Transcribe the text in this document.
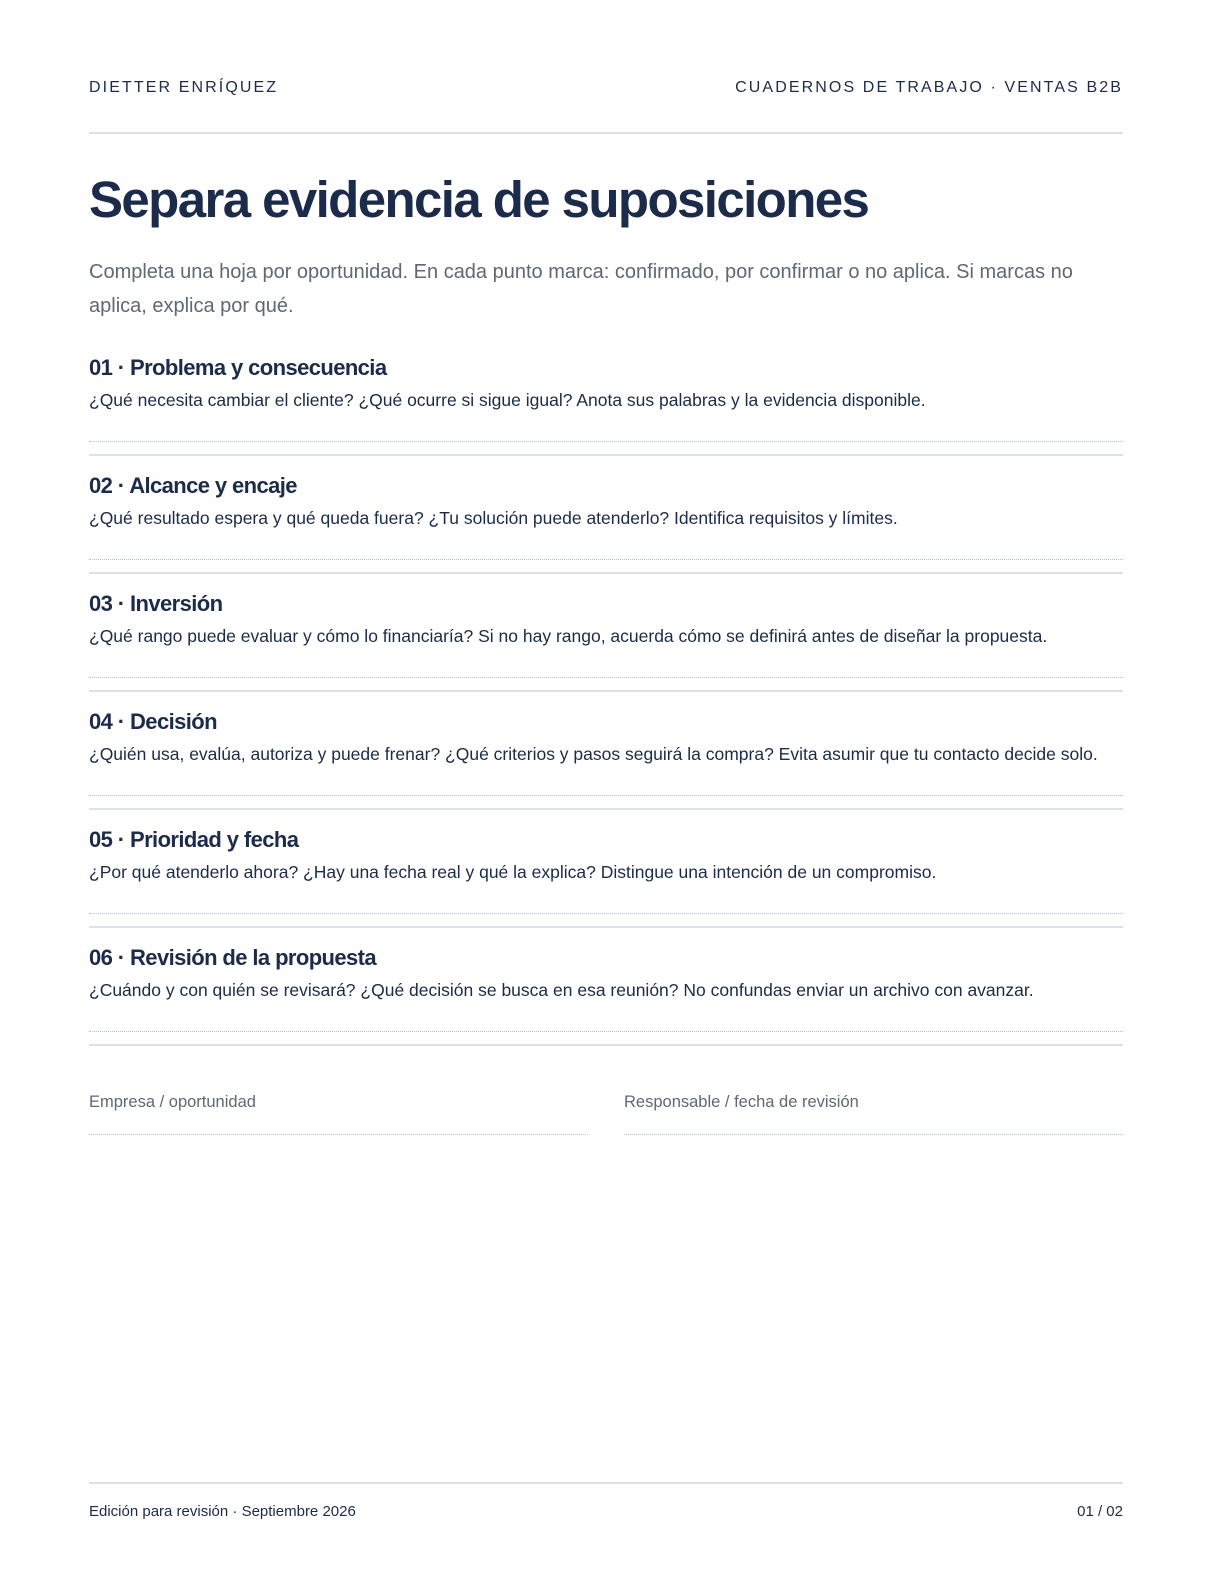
DIETTER ENRÍQUEZ	CUADERNOS DE TRABAJO · VENTAS B2B
Separa evidencia de suposiciones

Completa una hoja por oportunidad. En cada punto marca: confirmado, por confirmar o no aplica. Si marcas no aplica, explica por qué.

01 · Problema y consecuencia
¿Qué necesita cambiar el cliente? ¿Qué ocurre si sigue igual? Anota sus palabras y la evidencia disponible.
02 · Alcance y encaje
¿Qué resultado espera y qué queda fuera? ¿Tu solución puede atenderlo? Identifica requisitos y límites.
03 · Inversión
¿Qué rango puede evaluar y cómo lo financiaría? Si no hay rango, acuerda cómo se definirá antes de diseñar la propuesta.
04 · Decisión
¿Quién usa, evalúa, autoriza y puede frenar? ¿Qué criterios y pasos seguirá la compra? Evita asumir que tu contacto decide solo.
05 · Prioridad y fecha
¿Por qué atenderlo ahora? ¿Hay una fecha real y qué la explica? Distingue una intención de un compromiso.
06 · Revisión de la propuesta
¿Cuándo y con quién se revisará? ¿Qué decisión se busca en esa reunión? No confundas enviar un archivo con avanzar.
Empresa / oportunidad	Responsable / fecha de revisión
Edición para revisión · Septiembre 2026	01 / 02
